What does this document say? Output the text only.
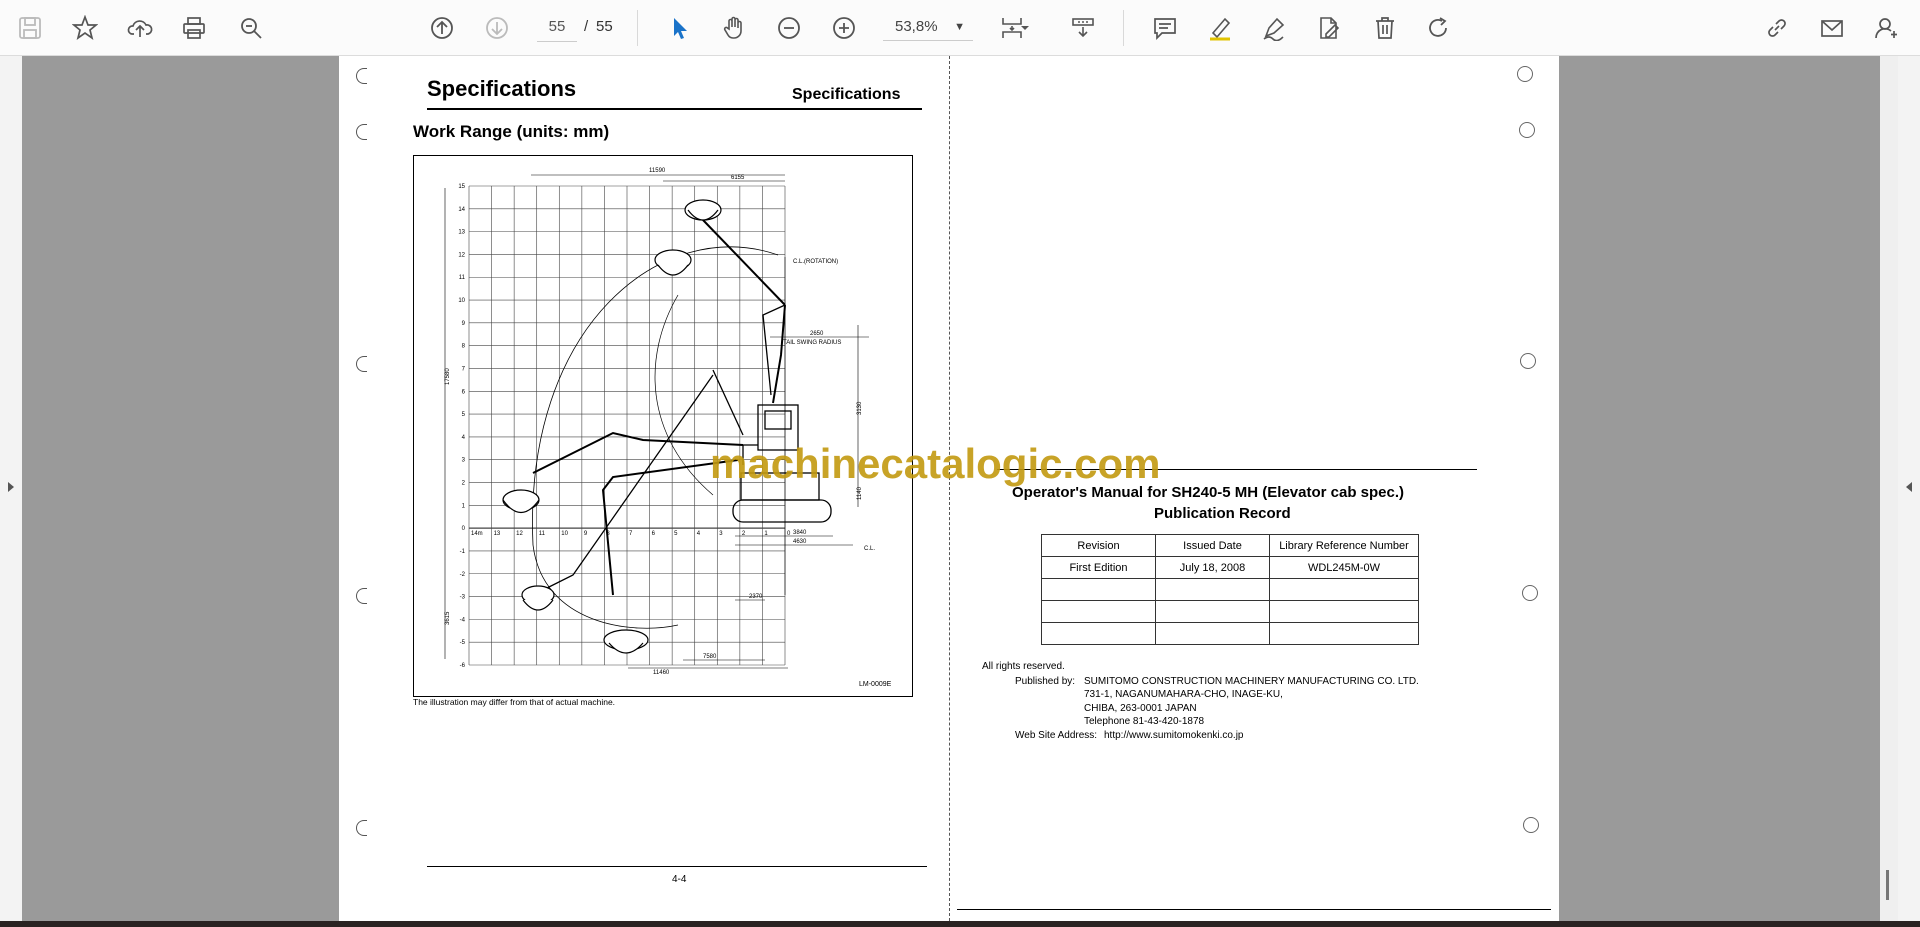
55	/ 55	53,8% ▼
Specifications	Specifications
Work Range (units: mm)
15
14
13
12
11
10
9
8
7
6
5
4
3
2
1
0
-1
-2
-3
-4
-5
-6
14m 13	12	11	10	9	8	7	6	5	4	3	2	1	0
11590
6155
C.L.(ROTATION)
2650
TAIL SWING RADIUS
C.L.
3840
4630
2370
7580
11460
3130
1140
17580
3615
LM-0009E
The illustration may differ from that of actual machine.
4-4
Operator's Manual for SH240-5 MH (Elevator cab spec.)
Publication Record
Revision	Issued Date	Library Reference Number
First Edition	July 18, 2008	WDL245M-0W

All rights reserved.
Published by: SUMITOMO CONSTRUCTION MACHINERY MANUFACTURING CO. LTD.
731-1, NAGANUMAHARA-CHO, INAGE-KU,
CHIBA, 263-0001 JAPAN
Telephone 81-43-420-1878
Web Site Address: http://www.sumitomokenki.co.jp
machinecatalogic.com
